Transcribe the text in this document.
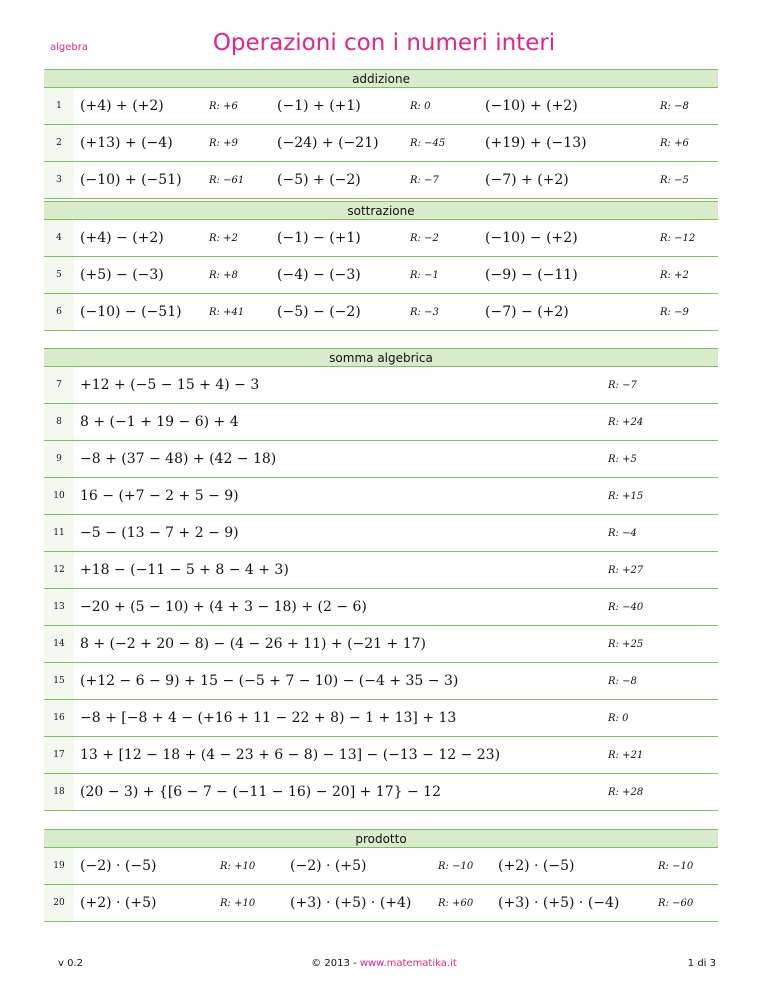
algebra	Operazioni con i numeri interi
addizione						
1	(+4) + (+2)	R: +6	(−1) + (+1)	R: 0	(−10) + (+2)	R: −8
2	(+13) + (−4)	R: +9	(−24) + (−21)	R: −45	(+19) + (−13)	R: +6
3	(−10) + (−51)	R: −61	(−5) + (−2)	R: −7	(−7) + (+2)	R: −5
sottrazione						
4	(+4) − (+2)	R: +2	(−1) − (+1)	R: −2	(−10) − (+2)	R: −12
5	(+5) − (−3)	R: +8	(−4) − (−3)	R: −1	(−9) − (−11)	R: +2
6	(−10) − (−51)	R: +41	(−5) − (−2)	R: −3	(−7) − (+2)	R: −9
somma algebrica		
7	+12 + (−5 − 15 + 4) − 3	R: −7
8	8 + (−1 + 19 − 6) + 4	R: +24
9	−8 + (37 − 48) + (42 − 18)	R: +5
10	16 − (+7 − 2 + 5 − 9)	R: +15
11	−5 − (13 − 7 + 2 − 9)	R: −4
12	+18 − (−11 − 5 + 8 − 4 + 3)	R: +27
13	−20 + (5 − 10) + (4 + 3 − 18) + (2 − 6)	R: −40
14	8 + (−2 + 20 − 8) − (4 − 26 + 11) + (−21 + 17)	R: +25
15	(+12 − 6 − 9) + 15 − (−5 + 7 − 10) − (−4 + 35 − 3)	R: −8
16	−8 + [−8 + 4 − (+16 + 11 − 22 + 8) − 1 + 13] + 13	R: 0
17	13 + [12 − 18 + (4 − 23 + 6 − 8) − 13] − (−13 − 12 − 23)	R: +21
18	(20 − 3) + {[6 − 7 − (−11 − 16) − 20] + 17} − 12	R: +28
prodotto						
19	(−2) · (−5)	R: +10	(−2) · (+5)	R: −10	(+2) · (−5)	R: −10
20	(+2) · (+5)	R: +10	(+3) · (+5) · (+4)	R: +60	(+3) · (+5) · (−4)	R: −60
v 0.2	© 2013 - www.matematika.it	1 di 3
